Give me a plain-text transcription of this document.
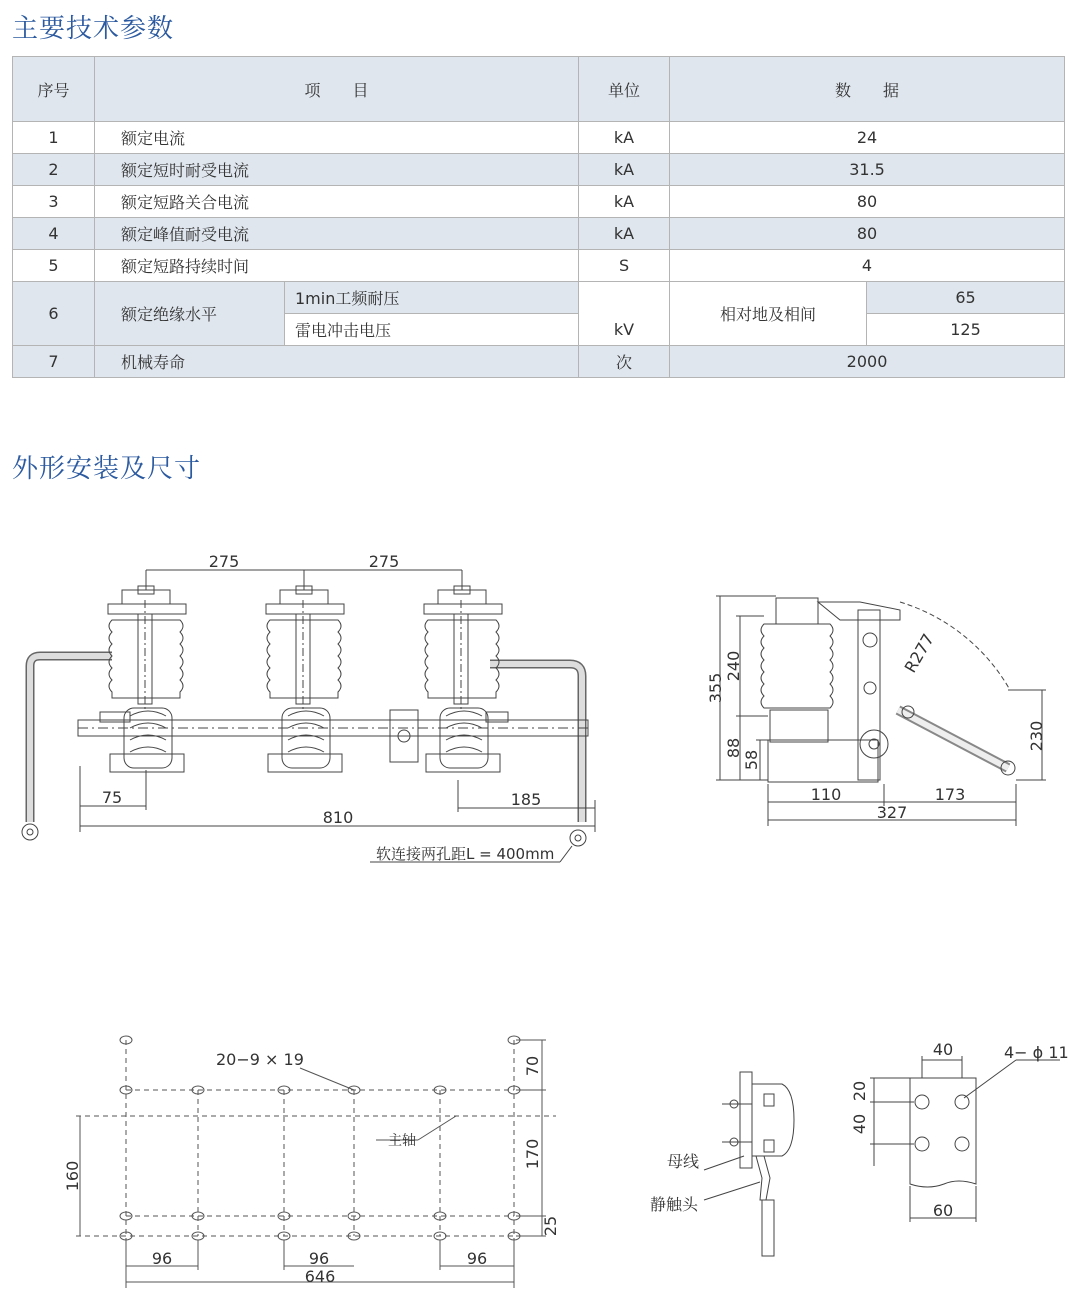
主要技术参数
序号	项　　目		单位	数　　据	
1	额定电流		kA	24	
2	额定短时耐受电流		kA	31.5	
3	额定短路关合电流		kA	80	
4	额定峰值耐受电流		kA	80	
5	额定短路持续时间		S	4	
6	额定绝缘水平	1min工频耐压	kV	相对地及相间	65
		雷电冲击电压			125
7	机械寿命		次	2000	
外形安装及尺寸
275	275
75	185
810
软连接两孔距L = 400mm
355
240
88
58
R277
230
110	173
327
20−9 × 19
主轴
70
170
25
160
96	96	96
646
母线
静触头
40	4− ϕ 11
20
40
60
